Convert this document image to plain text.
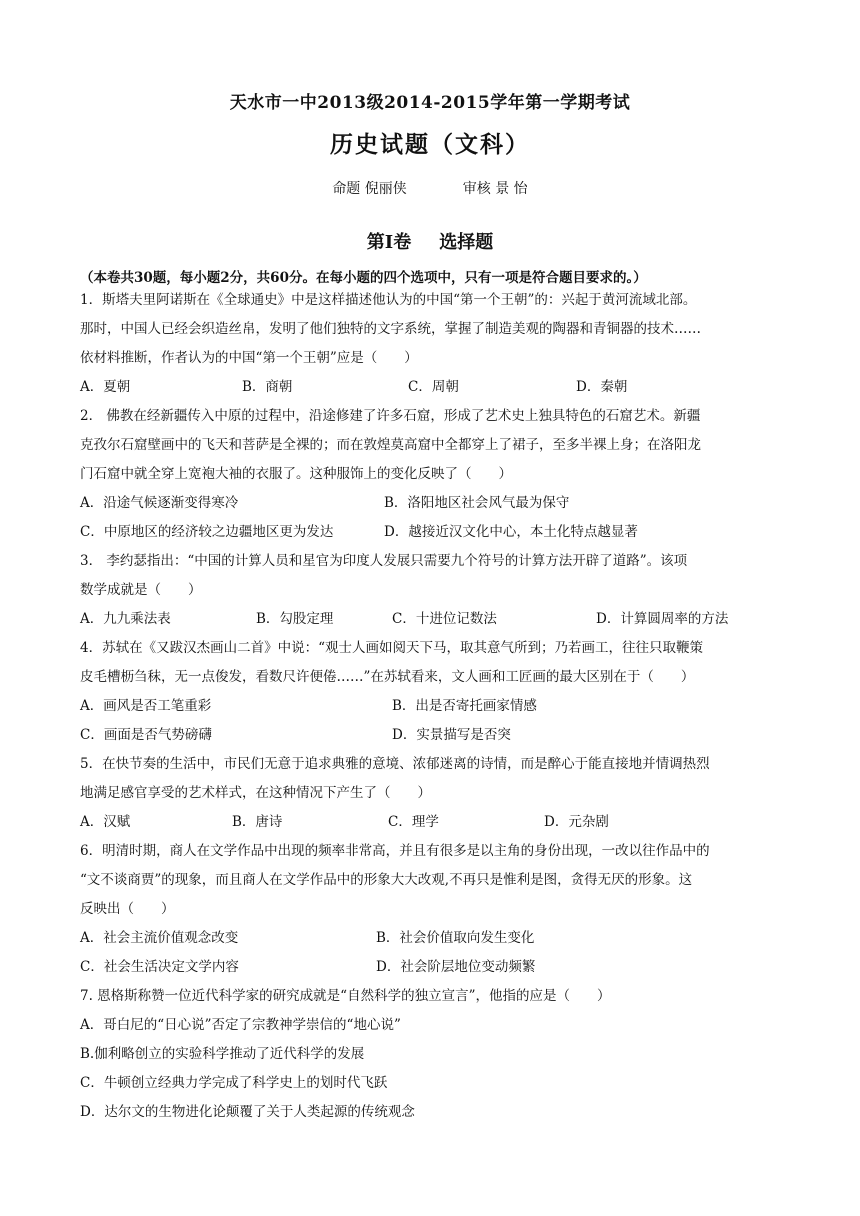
天水市一中2013级2014-2015学年第一学期考试
历史试题（文科）
命题 倪丽侠	审核 景 怡
第Ⅰ卷 选择题
（本卷共30题，每小题2分，共60分。在每小题的四个选项中，只有一项是符合题目要求的。）
1．斯塔夫里阿诺斯在《全球通史》中是这样描述他认为的中国“第一个王朝”的：兴起于黄河流域北部。
那时，中国人已经会织造丝帛，发明了他们独特的文字系统，掌握了制造美观的陶器和青铜器的技术……
依材料推断，作者认为的中国“第一个王朝”应是（　　）
A．夏朝	B．商朝	C．周朝	D．秦朝
2． 佛教在经新疆传入中原的过程中，沿途修建了许多石窟，形成了艺术史上独具特色的石窟艺术。新疆
克孜尔石窟壁画中的飞天和菩萨是全裸的；而在敦煌莫高窟中全都穿上了裙子，至多半裸上身；在洛阳龙
门石窟中就全穿上宽袍大袖的衣服了。这种服饰上的变化反映了（　　）
A．沿途气候逐渐变得寒冷	B．洛阳地区社会风气最为保守
C．中原地区的经济较之边疆地区更为发达	D．越接近汉文化中心，本土化特点越显著
3． 李约瑟指出：“中国的计算人员和星官为印度人发展只需要九个符号的计算方法开辟了道路”。该项
数学成就是（　　）
A．九九乘法表	B．勾股定理	C．十进位记数法	D．计算圆周率的方法
4．苏轼在《又跋汉杰画山二首》中说：“观士人画如阅天下马，取其意气所到；乃若画工，往往只取鞭策
皮毛槽枥刍秣，无一点俊发，看数尺许便倦……”在苏轼看来，文人画和工匠画的最大区别在于（　　）
A．画风是否工笔重彩	B．出是否寄托画家情感
C．画面是否气势磅礴	D．实景描写是否突
5．在快节奏的生活中，市民们无意于追求典雅的意境、浓郁迷离的诗情，而是醉心于能直接地并情调热烈
地满足感官享受的艺术样式，在这种情况下产生了（　　）
A．汉赋	B．唐诗	C．理学	D．元杂剧
6．明清时期，商人在文学作品中出现的频率非常高，并且有很多是以主角的身份出现，一改以往作品中的
“文不谈商贾”的现象，而且商人在文学作品中的形象大大改观,不再只是惟利是图，贪得无厌的形象。这
反映出（　　）
A．社会主流价值观念改变	B．社会价值取向发生变化
C．社会生活决定文学内容	D．社会阶层地位变动频繁
7. 恩格斯称赞一位近代科学家的研究成就是“自然科学的独立宣言”，他指的应是（　　）
A．哥白尼的“日心说”否定了宗教神学崇信的“地心说”
B.伽利略创立的实验科学推动了近代科学的发展
C．牛顿创立经典力学完成了科学史上的划时代飞跃
D．达尔文的生物进化论颠覆了关于人类起源的传统观念
